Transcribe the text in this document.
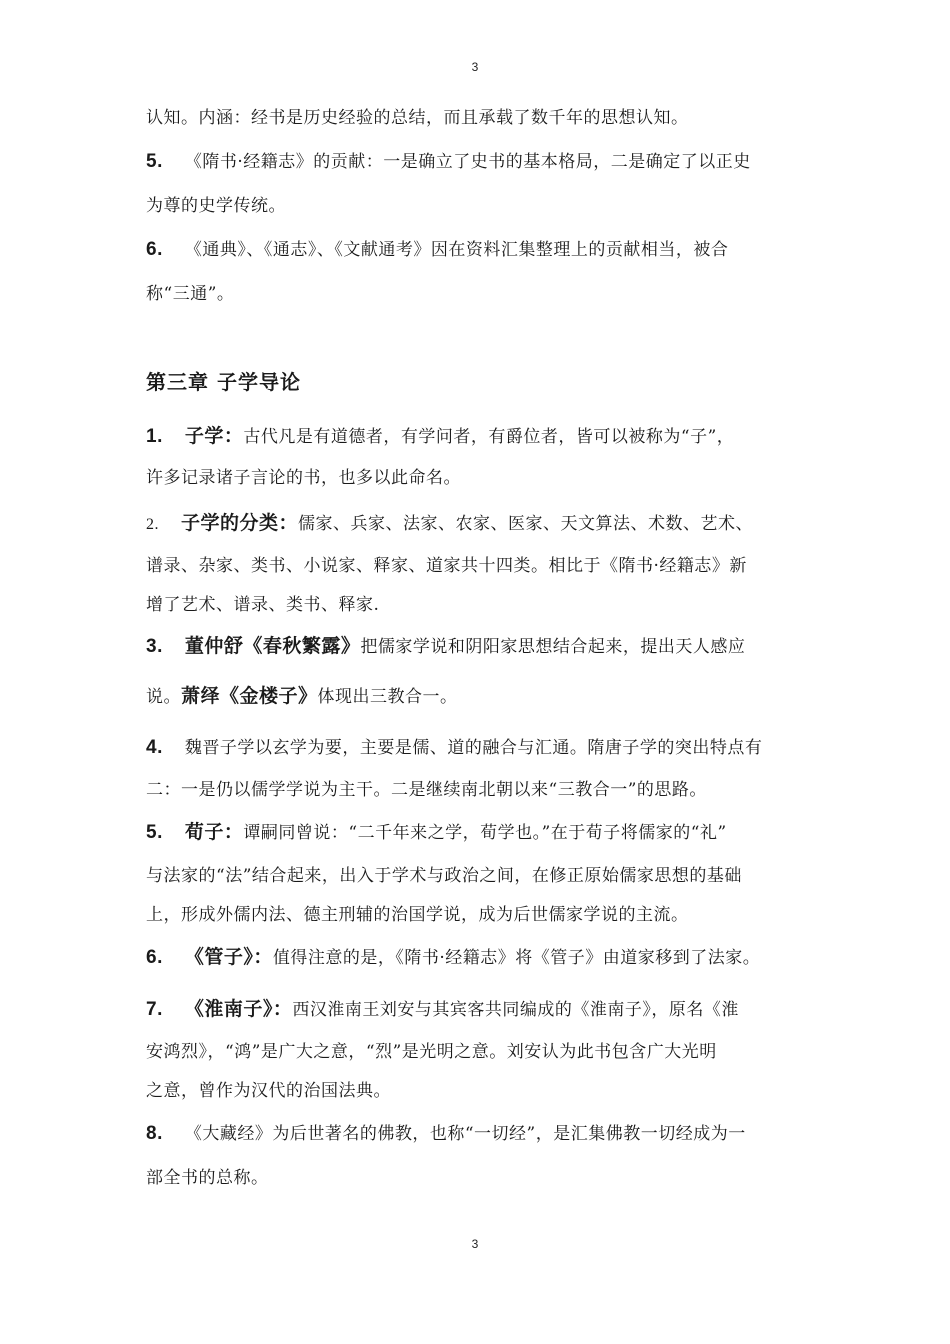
3
认知。内涵：经书是历史经验的总结，而且承载了数千年的思想认知。
5. 《隋书·经籍志》的贡献：一是确立了史书的基本格局，二是确定了以正史
为尊的史学传统。
6. 《通典》、《通志》、《文献通考》因在资料汇集整理上的贡献相当，被合
称“三通”。
第三章 子学导论
1. 子学：古代凡是有道德者，有学问者，有爵位者，皆可以被称为“子”，
许多记录诸子言论的书，也多以此命名。
2. 子学的分类：儒家、兵家、法家、农家、医家、天文算法、术数、艺术、
谱录、杂家、类书、小说家、释家、道家共十四类。相比于《隋书·经籍志》新
增了艺术、谱录、类书、释家.
3. 董仲舒《春秋繁露》把儒家学说和阴阳家思想结合起来，提出天人感应
说。萧绎《金楼子》体现出三教合一。
4. 魏晋子学以玄学为要，主要是儒、道的融合与汇通。隋唐子学的突出特点有
二：一是仍以儒学学说为主干。二是继续南北朝以来“三教合一”的思路。
5. 荀子：谭嗣同曾说：“二千年来之学，荀学也。”在于荀子将儒家的“礼”
与法家的“法”结合起来，出入于学术与政治之间，在修正原始儒家思想的基础
上，形成外儒内法、德主刑辅的治国学说，成为后世儒家学说的主流。
6. 《管子》：值得注意的是，《隋书·经籍志》将《管子》由道家移到了法家。
7. 《淮南子》：西汉淮南王刘安与其宾客共同编成的《淮南子》，原名《淮
安鸿烈》，“鸿”是广大之意，“烈”是光明之意。刘安认为此书包含广大光明
之意，曾作为汉代的治国法典。
8. 《大藏经》为后世著名的佛教，也称“一切经”，是汇集佛教一切经成为一
部全书的总称。
3
